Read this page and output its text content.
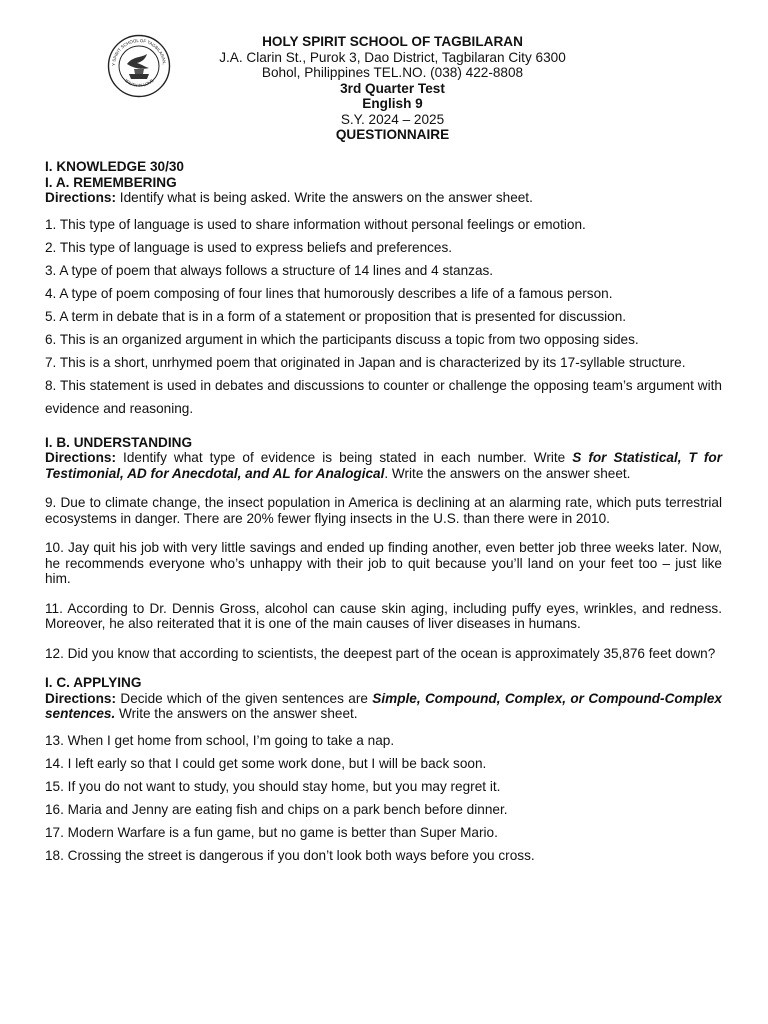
Y SPIRIT SCHOOL OF TAGBILARAN,
TRUTH IN LOVE
HOLY SPIRIT SCHOOL OF TAGBILARAN
J.A. Clarin St., Purok 3, Dao District, Tagbilaran City 6300
Bohol, Philippines TEL.NO. (038) 422-8808
3rd Quarter Test
English 9
S.Y. 2024 – 2025
QUESTIONNAIRE
I. KNOWLEDGE 30/30
I. A. REMEMBERING
Directions: Identify what is being asked. Write the answers on the answer sheet.
1. This type of language is used to share information without personal feelings or emotion.
2. This type of language is used to express beliefs and preferences.
3. A type of poem that always follows a structure of 14 lines and 4 stanzas.
4. A type of poem composing of four lines that humorously describes a life of a famous person.
5. A term in debate that is in a form of a statement or proposition that is presented for discussion.
6. This is an organized argument in which the participants discuss a topic from two opposing sides.
7. This is a short, unrhymed poem that originated in Japan and is characterized by its 17-syllable structure.
8. This statement is used in debates and discussions to counter or challenge the opposing team’s argument with evidence and reasoning.
I. B. UNDERSTANDING
Directions: Identify what type of evidence is being stated in each number. Write S for Statistical, T for Testimonial, AD for Anecdotal, and AL for Analogical. Write the answers on the answer sheet.
9. Due to climate change, the insect population in America is declining at an alarming rate, which puts terrestrial ecosystems in danger. There are 20% fewer flying insects in the U.S. than there were in 2010.
10. Jay quit his job with very little savings and ended up finding another, even better job three weeks later. Now, he recommends everyone who’s unhappy with their job to quit because you’ll land on your feet too – just like him.
11. According to Dr. Dennis Gross, alcohol can cause skin aging, including puffy eyes, wrinkles, and redness. Moreover, he also reiterated that it is one of the main causes of liver diseases in humans.
12. Did you know that according to scientists, the deepest part of the ocean is approximately 35,876 feet down?
I. C. APPLYING
Directions: Decide which of the given sentences are Simple, Compound, Complex, or Compound-Complex sentences. Write the answers on the answer sheet.
13. When I get home from school, I’m going to take a nap.
14. I left early so that I could get some work done, but I will be back soon.
15. If you do not want to study, you should stay home, but you may regret it.
16. Maria and Jenny are eating fish and chips on a park bench before dinner.
17. Modern Warfare is a fun game, but no game is better than Super Mario.
18. Crossing the street is dangerous if you don’t look both ways before you cross.
